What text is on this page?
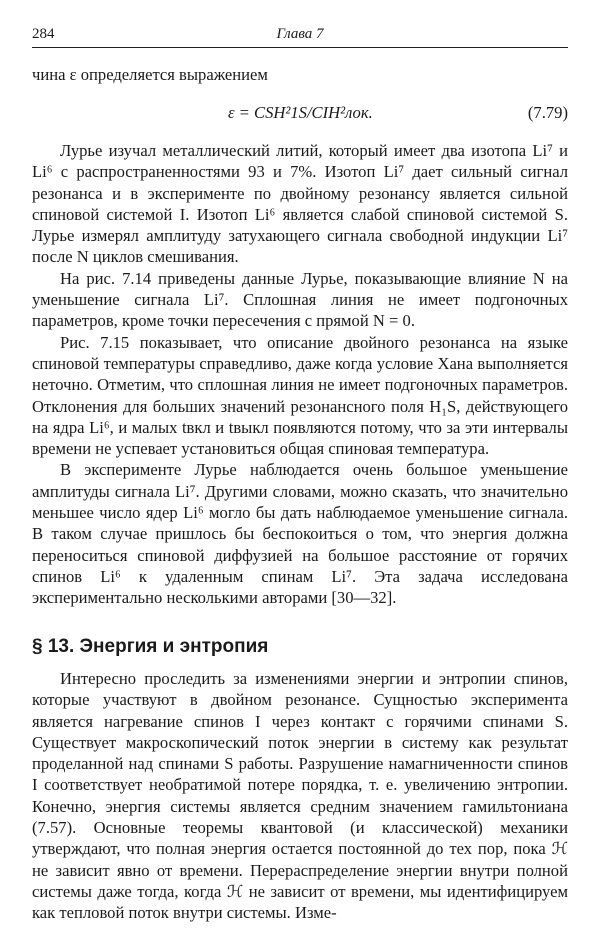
284	Глава 7

чина ε определяется выражением

ε = CSH²1S/CIH²лок.	(7.79)

Лурье изучал металлический литий, который имеет два изотопа Li⁷ и Li⁶ с распространенностями 93 и 7%. Изотоп Li⁷ дает сильный сигнал резонанса и в эксперименте по двойному резонансу является сильной спиновой системой I. Изотоп Li⁶ является слабой спиновой системой S. Лурье измерял амплитуду затухающего сигнала свободной индукции Li⁷ после N циклов смешивания.

На рис. 7.14 приведены данные Лурье, показывающие влияние N на уменьшение сигнала Li⁷. Сплошная линия не имеет подгоночных параметров, кроме точки пересечения с прямой N = 0.

Рис. 7.15 показывает, что описание двойного резонанса на языке спиновой температуры справедливо, даже когда условие Хана выполняется неточно. Отметим, что сплошная линия не имеет подгоночных параметров. Отклонения для больших значений резонансного поля H₁S, действующего на ядра Li⁶, и малых tвкл и tвыкл появляются потому, что за эти интервалы времени не успевает установиться общая спиновая температура.

В эксперименте Лурье наблюдается очень большое уменьшение амплитуды сигнала Li⁷. Другими словами, можно сказать, что значительно меньшее число ядер Li⁶ могло бы дать наблюдаемое уменьшение сигнала. В таком случае пришлось бы беспокоиться о том, что энергия должна переноситься спиновой диффузией на большое расстояние от горячих спинов Li⁶ к удаленным спинам Li⁷. Эта задача исследована экспериментально несколькими авторами [30—32].

§ 13. Энергия и энтропия

Интересно проследить за изменениями энергии и энтропии спинов, которые участвуют в двойном резонансе. Сущностью эксперимента является нагревание спинов I через контакт с горячими спинами S. Существует макроскопический поток энергии в систему как результат проделанной над спинами S работы. Разрушение намагниченности спинов I соответствует необратимой потере порядка, т. е. увеличению энтропии. Конечно, энергия системы является средним значением гамильтониана (7.57). Основные теоремы квантовой (и классической) механики утверждают, что полная энергия остается постоянной до тех пор, пока ℋ не зависит явно от времени. Перераспределение энергии внутри полной системы даже тогда, когда ℋ не зависит от времени, мы идентифицируем как тепловой поток внутри системы. Изме-
